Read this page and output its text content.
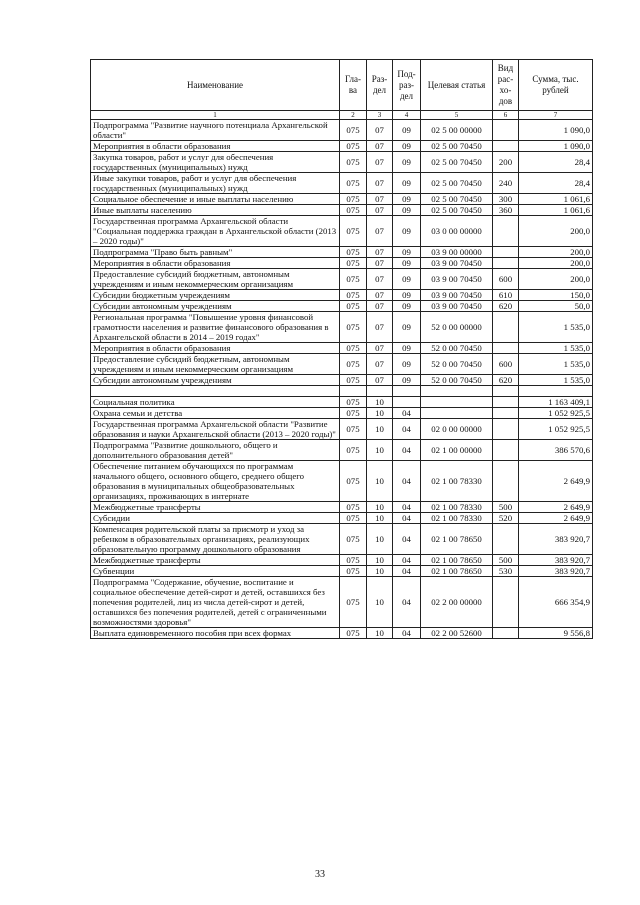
Наименование	Гла-ва	Раз-дел	Под-раз-дел	Целевая статья	Вид рас-хо-дов	Сумма, тыс. рублей
1	2	3	4	5	6	7
Подпрограмма "Развитие научного потенциала Архангельской области"	075	07	09	02 5 00 00000		1 090,0
Мероприятия в области образования	075	07	09	02 5 00 70450		1 090,0
Закупка товаров, работ и услуг для обеспечения государственных (муниципальных) нужд	075	07	09	02 5 00 70450	200	28,4
Иные закупки товаров, работ и услуг для обеспечения государственных (муниципальных) нужд	075	07	09	02 5 00 70450	240	28,4
Социальное обеспечение и иные выплаты населению	075	07	09	02 5 00 70450	300	1 061,6
Иные выплаты населению	075	07	09	02 5 00 70450	360	1 061,6
Государственная программа Архангельской области "Социальная поддержка граждан в Архангельской области (2013 – 2020 годы)"	075	07	09	03 0 00 00000		200,0
Подпрограмма "Право быть равным"	075	07	09	03 9 00 00000		200,0
Мероприятия в области образования	075	07	09	03 9 00 70450		200,0
Предоставление субсидий бюджетным, автономным учреждениям и иным некоммерческим организациям	075	07	09	03 9 00 70450	600	200,0
Субсидии бюджетным учреждениям	075	07	09	03 9 00 70450	610	150,0
Субсидии автономным учреждениям	075	07	09	03 9 00 70450	620	50,0
Региональная программа "Повышение уровня финансовой грамотности населения и развитие финансового образования в Архангельской области в 2014 – 2019 годах"	075	07	09	52 0 00 00000		1 535,0
Мероприятия в области образования	075	07	09	52 0 00 70450		1 535,0
Предоставление субсидий бюджетным, автономным учреждениям и иным некоммерческим организациям	075	07	09	52 0 00 70450	600	1 535,0
Субсидии автономным учреждениям	075	07	09	52 0 00 70450	620	1 535,0

Социальная политика	075	10				1 163 409,1
Охрана семьи и детства	075	10	04			1 052 925,5
Государственная программа Архангельской области "Развитие образования и науки Архангельской области (2013 – 2020 годы)"	075	10	04	02 0 00 00000		1 052 925,5
Подпрограмма "Развитие дошкольного, общего и дополнительного образования детей"	075	10	04	02 1 00 00000		386 570,6
Обеспечение питанием обучающихся по программам начального общего, основного общего, среднего общего образования в муниципальных общеобразовательных организациях, проживающих в интернате	075	10	04	02 1 00 78330		2 649,9
Межбюджетные трансферты	075	10	04	02 1 00 78330	500	2 649,9
Субсидии	075	10	04	02 1 00 78330	520	2 649,9
Компенсация родительской платы за присмотр и уход за ребенком в образовательных организациях, реализующих образовательную программу дошкольного образования	075	10	04	02 1 00 78650		383 920,7
Межбюджетные трансферты	075	10	04	02 1 00 78650	500	383 920,7
Субвенции	075	10	04	02 1 00 78650	530	383 920,7
Подпрограмма "Содержание, обучение, воспитание и социальное обеспечение детей-сирот и детей, оставшихся без попечения родителей, лиц из числа детей-сирот и детей, оставшихся без попечения родителей, детей с ограниченными возможностями здоровья"	075	10	04	02 2 00 00000		666 354,9
Выплата единовременного пособия при всех формах	075	10	04	02 2 00 52600		9 556,8
33
